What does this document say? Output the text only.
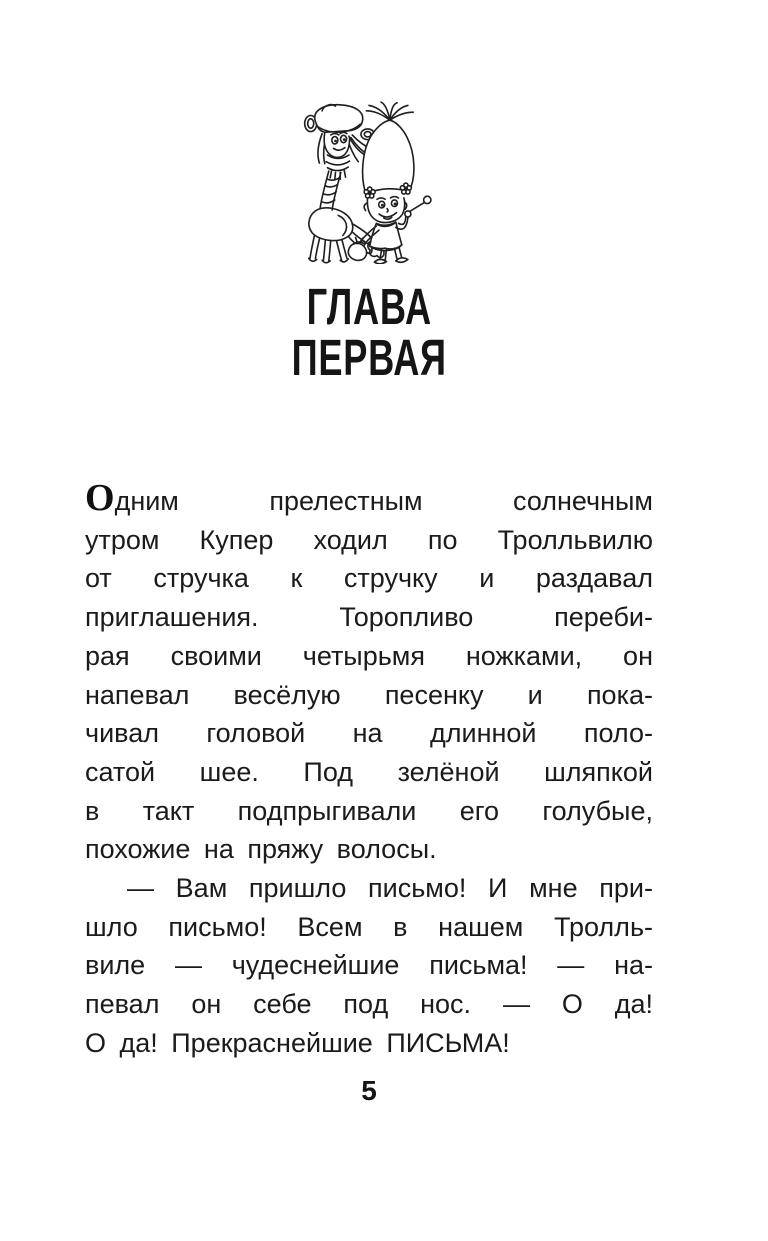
ГЛАВА
ПЕРВАЯ
Одним прелестным солнечным
утром Купер ходил по Тролльвилю
от стручка к стручку и раздавал
приглашения. Торопливо переби-
рая своими четырьмя ножками, он
напевал весёлую песенку и пока-
чивал головой на длинной поло-
сатой шее. Под зелёной шляпкой
в такт подпрыгивали его голубые,
похожие на пряжу волосы.
— Вам пришло письмо! И мне при-
шло письмо! Всем в нашем Тролль-
виле — чудеснейшие письма! — на-
певал он себе под нос. — О да!
О да! Прекраснейшие ПИСЬМА!
5
